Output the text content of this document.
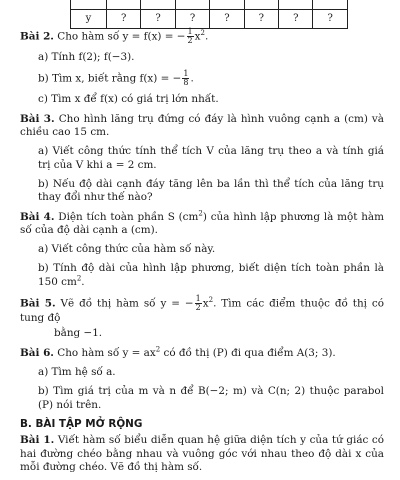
y	?	?	?	?	?	?	?

Bài 2. Cho hàm số y = f(x) = − $\frac{1}{2} x^2$.

a) Tính f(2); f(−3).

b) Tìm x, biết rằng f(x) = − $\frac{1}{8}$ .

c) Tìm x để f(x) có giá trị lớn nhất.

Bài 3. Cho hình lăng trụ đứng có đáy là hình vuông cạnh a (cm) và chiều cao 15 cm.

a) Viết công thức tính thể tích V của lăng trụ theo a và tính giá trị của V khi a = 2 cm.

b) Nếu độ dài cạnh đáy tăng lên ba lần thì thể tích của lăng trụ thay đổi như thế nào?

Bài 4. Diện tích toàn phần S $(cm^2)$ của hình lập phương là một hàm số của độ dài cạnh a (cm).

a) Viết công thức của hàm số này.

b) Tính độ dài của hình lập phương, biết diện tích toàn phần là 150 $cm^2$.

Bài 5. Vẽ đồ thị hàm số y = − $\frac{1}{2} x^2$. Tìm các điểm thuộc đồ thị có tung độ

bằng −1.

Bài 6. Cho hàm số $y = ax^2$ có đồ thị (P) đi qua điểm A(3; 3).

a) Tìm hệ số a.

b) Tìm giá trị của m và n để B(−2; m) và C(n; 2) thuộc parabol (P) nói trên.

B. BÀI TẬP MỞ RỘNG

Bài 1. Viết hàm số biểu diễn quan hệ giữa diện tích y của tứ giác có hai đường chéo bằng nhau và vuông góc với nhau theo độ dài x của mỗi đường chéo. Vẽ đồ thị hàm số.
